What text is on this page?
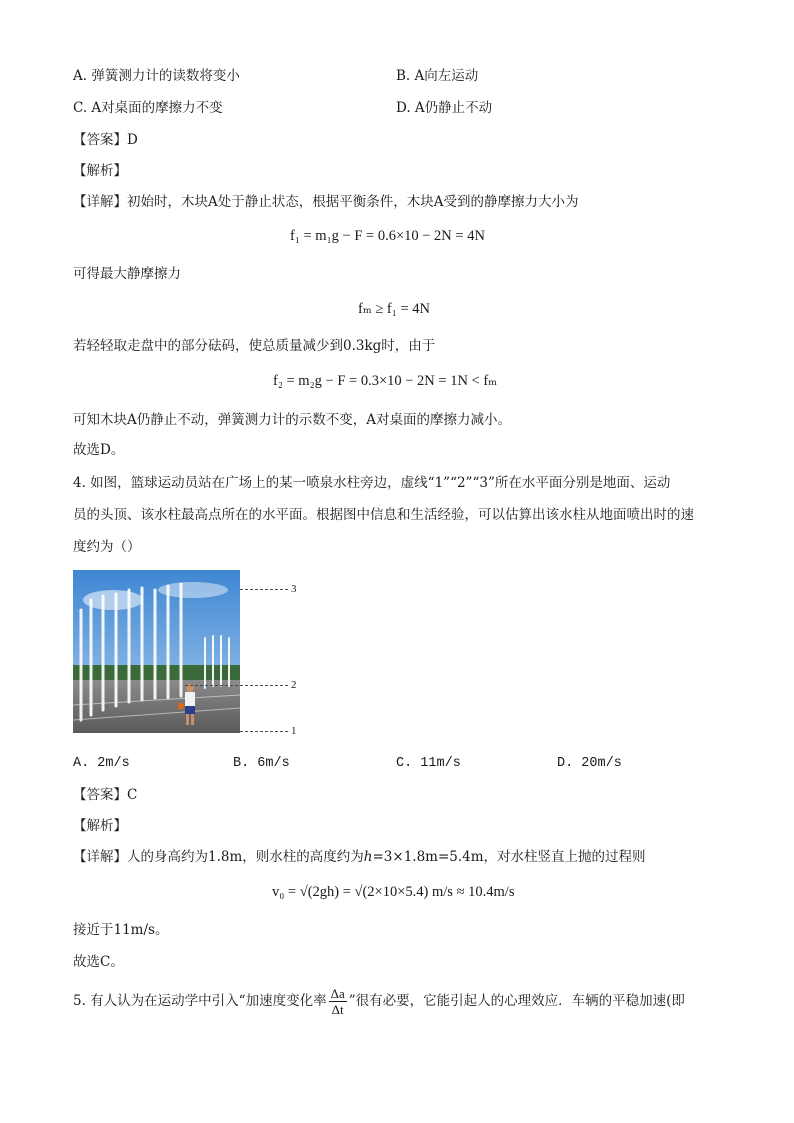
A. 弹簧测力计的读数将变小	B. A向左运动
C. A对桌面的摩擦力不变	D. A仍静止不动
【答案】D
【解析】
【详解】初始时，木块A处于静止状态，根据平衡条件，木块A受到的静摩擦力大小为
f₁ = m₁g − F = 0.6×10 − 2N = 4N
可得最大静摩擦力
fₘ ≥ f₁ = 4N
若轻轻取走盘中的部分砝码，使总质量减少到0.3kg时，由于
f₂ = m₂g − F = 0.3×10 − 2N = 1N < fₘ
可知木块A仍静止不动，弹簧测力计的示数不变，A对桌面的摩擦力减小。
故选D。
4. 如图，篮球运动员站在广场上的某一喷泉水柱旁边，虚线“1”“2”“3”所在水平面分别是地面、运动
员的头顶、该水柱最高点所在的水平面。根据图中信息和生活经验，可以估算出该水柱从地面喷出时的速
度约为（）
3
2
1
A. 2m/s	B. 6m/s	C. 11m/s	D. 20m/s
【答案】C
【解析】
【详解】人的身高约为1.8m，则水柱的高度约为h=3×1.8m=5.4m，对水柱竖直上抛的过程则
v₀ = √(2gh) = √(2×10×5.4) m/s ≈ 10.4m/s
接近于11m/s。
故选C。
5. 有人认为在运动学中引入“加速度变化率 $\frac{\Delta a}{\Delta t}$ ”很有必要，它能引起人的心理效应．车辆的平稳加速(即
